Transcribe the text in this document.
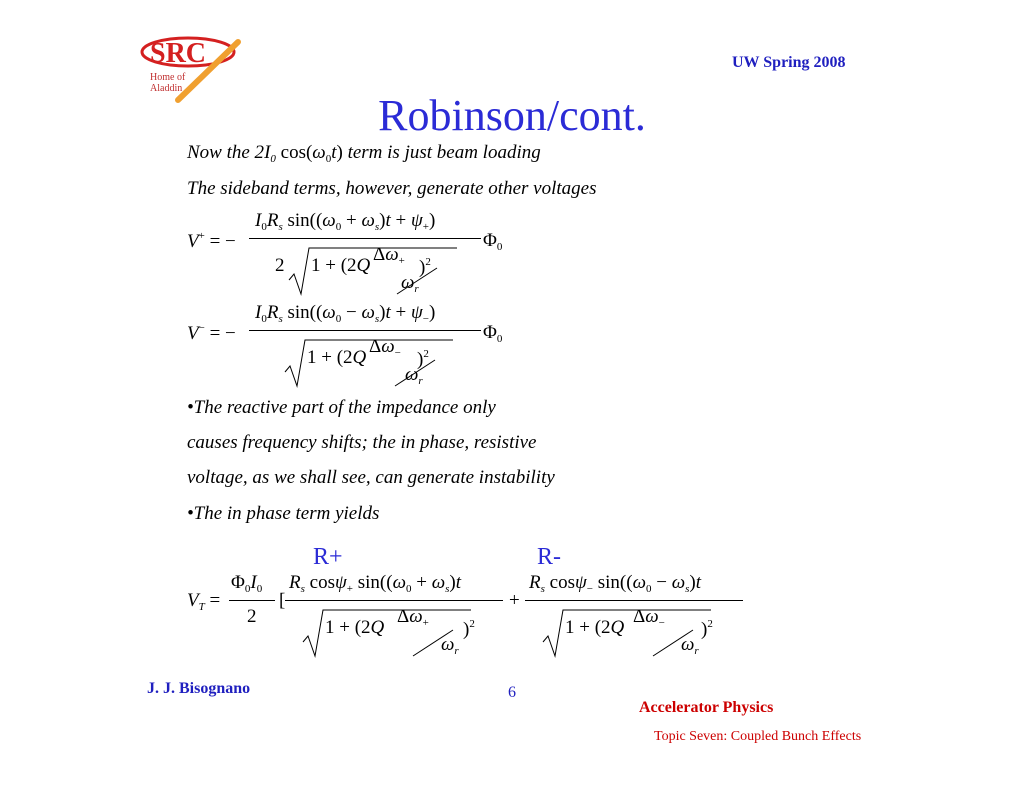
SRC
Home of
Aladdin
UW Spring 2008
Robinson/cont.
Now the $2I_0$ $\cos(\omega_0t)$ term is just beam loading
The sideband terms, however, generate other voltages
V+ = −
$I_0R_s$ $\sin((\omega_0 + \omega_s)t + \psi_+)$
$\Phi_0$
2 1 + (2Q
$\Delta\omega_+$ )$^2$
$\omega_r$
V− = −
$I_0R_s$ $\sin((\omega_0 - \omega_s)t + \psi_-)$
$\Phi_0$
1 + (2Q
$\Delta\omega_-$ )$^2$
$\omega_r$
•The reactive part of the impedance only
causes frequency shifts; the in phase, resistive
voltage, as we shall see, can generate instability
•The in phase term yields
R+	R-
$V_T$ =
$\Phi_0I_0$
2
[
$R_s$ cosψ$_+$ $\sin((\omega_0 + \omega_s)t$
1 + (2Q
$\Delta\omega_+$ )$^2$
$\omega_r$
+
$R_s$ cosψ$_-$ $\sin((\omega_0 - \omega_s)t$
1 + (2Q
$\Delta\omega_-$ )$^2$
$\omega_r$
J. J. Bisognano	6
Accelerator Physics
Topic Seven: Coupled Bunch Effects
